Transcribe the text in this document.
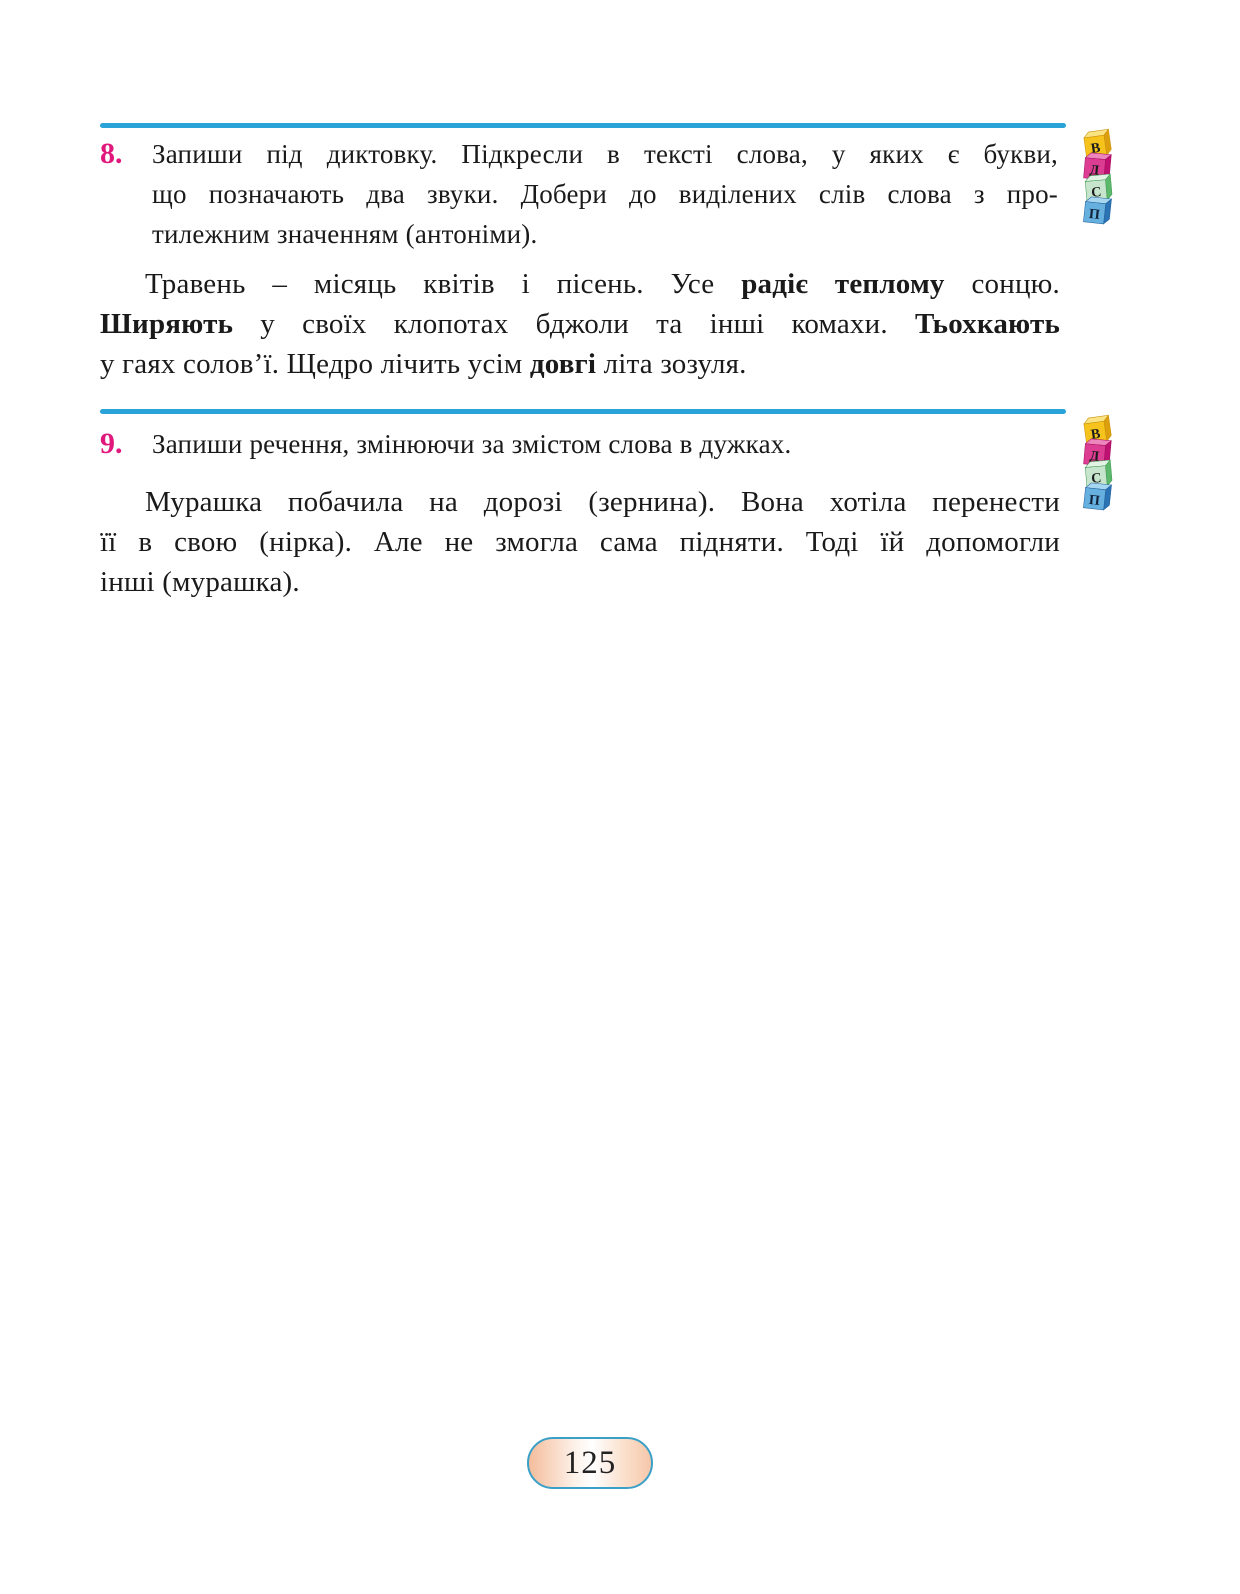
8.	Запиши під диктовку. Підкресли в тексті слова, у яких є букви,
що позначають два звуки. Добери до виділених слів слова з про-
тилежним значенням (антоніми).
Травень – місяць квітів і пісень. Усе радіє теплому сонцю.
Ширяють у своїх клопотах бджоли та інші комахи. Тьохкають
у гаях солов’ї. Щедро лічить усім довгі літа зозуля.
9.	Запиши речення, змінюючи за змістом слова в дужках.
Мурашка побачила на дорозі (зернина). Вона хотіла перенести
її в свою (нірка). Але не змогла сама підняти. Тоді їй допомогли
інші (мурашка).
125
